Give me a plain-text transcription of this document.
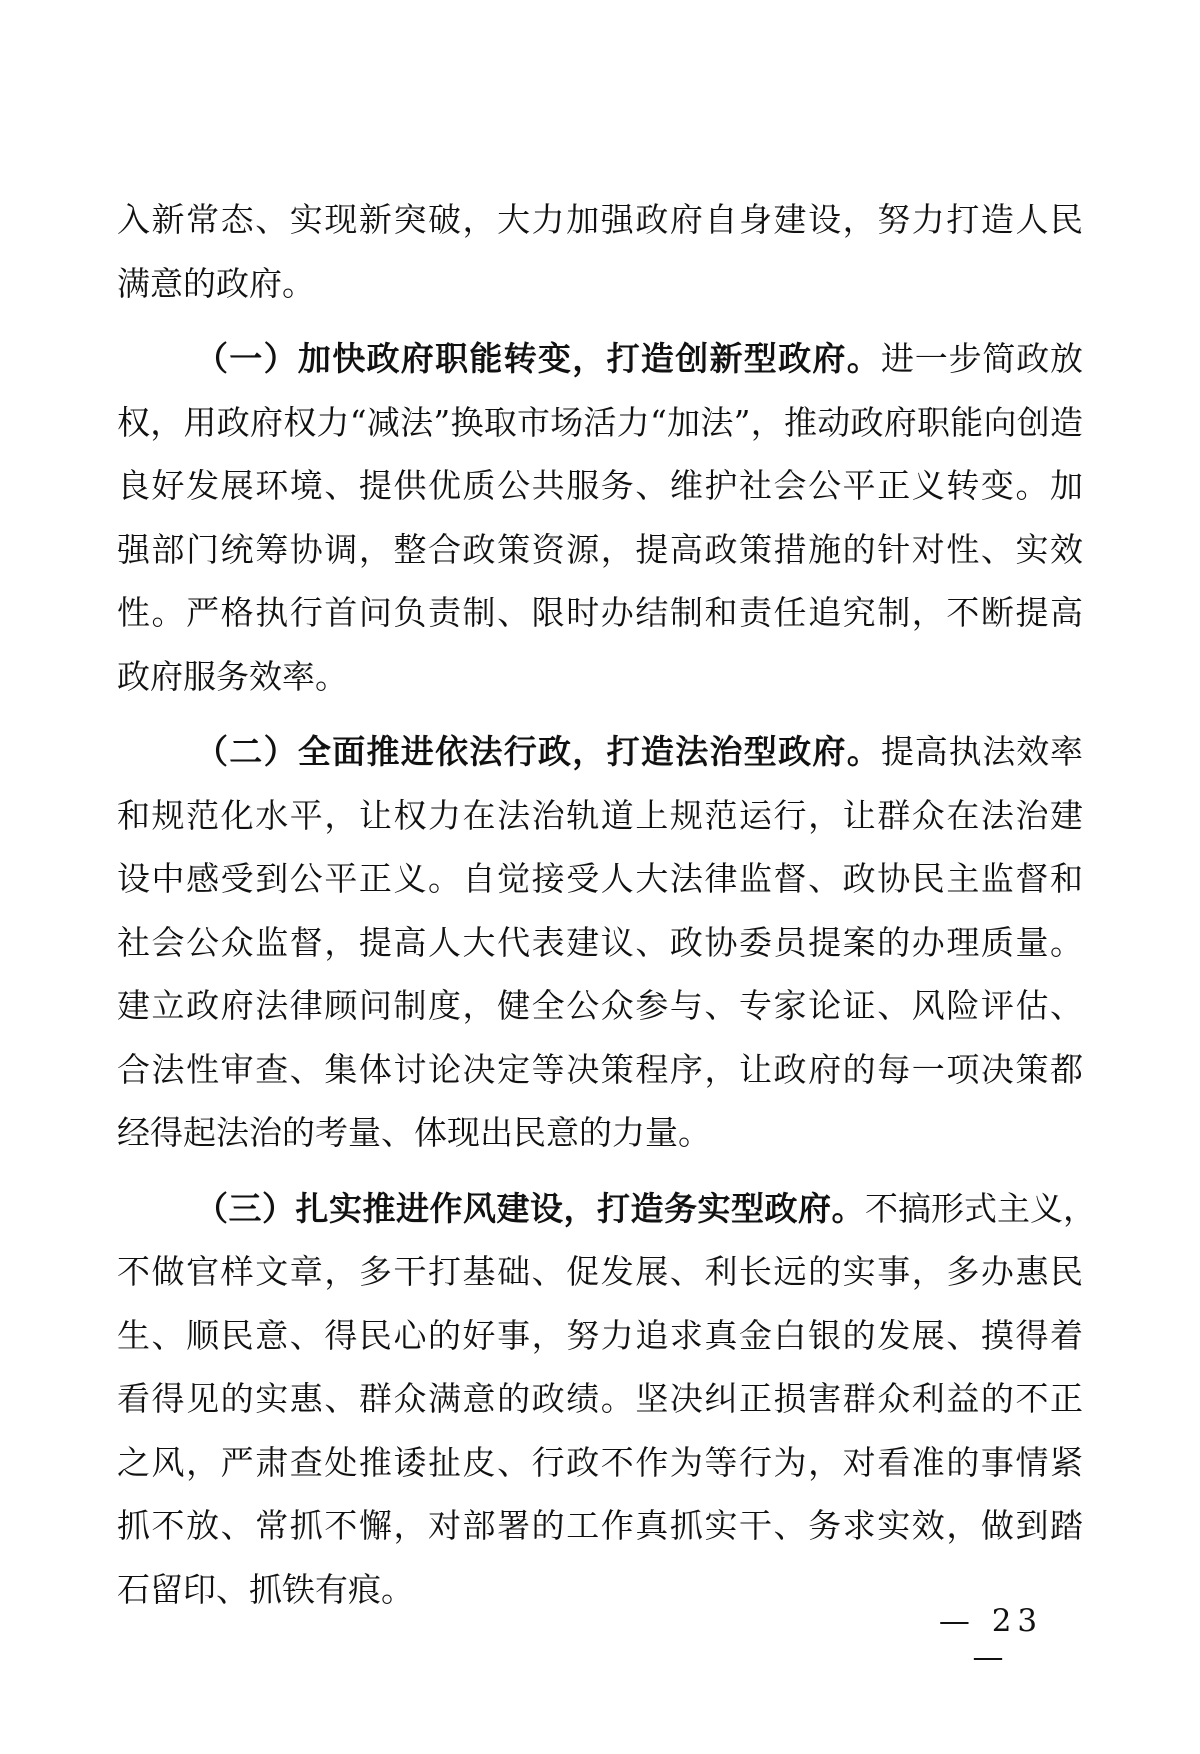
入新常态、实现新突破，大力加强政府自身建设，努力打造人民
满意的政府。
（一）加快政府职能转变，打造创新型政府。进一步简政放
权，用政府权力“减法”换取市场活力“加法”，推动政府职能向创造
良好发展环境、提供优质公共服务、维护社会公平正义转变。加
强部门统筹协调，整合政策资源，提高政策措施的针对性、实效
性。严格执行首问负责制、限时办结制和责任追究制，不断提高
政府服务效率。
（二）全面推进依法行政，打造法治型政府。提高执法效率
和规范化水平，让权力在法治轨道上规范运行，让群众在法治建
设中感受到公平正义。自觉接受人大法律监督、政协民主监督和
社会公众监督，提高人大代表建议、政协委员提案的办理质量。
建立政府法律顾问制度，健全公众参与、专家论证、风险评估、
合法性审查、集体讨论决定等决策程序，让政府的每一项决策都
经得起法治的考量、体现出民意的力量。
（三）扎实推进作风建设，打造务实型政府。不搞形式主义，
不做官样文章，多干打基础、促发展、利长远的实事，多办惠民
生、顺民意、得民心的好事，努力追求真金白银的发展、摸得着
看得见的实惠、群众满意的政绩。坚决纠正损害群众利益的不正
之风，严肃查处推诿扯皮、行政不作为等行为，对看准的事情紧
抓不放、常抓不懈，对部署的工作真抓实干、务求实效，做到踏
石留印、抓铁有痕。
— 23 —
